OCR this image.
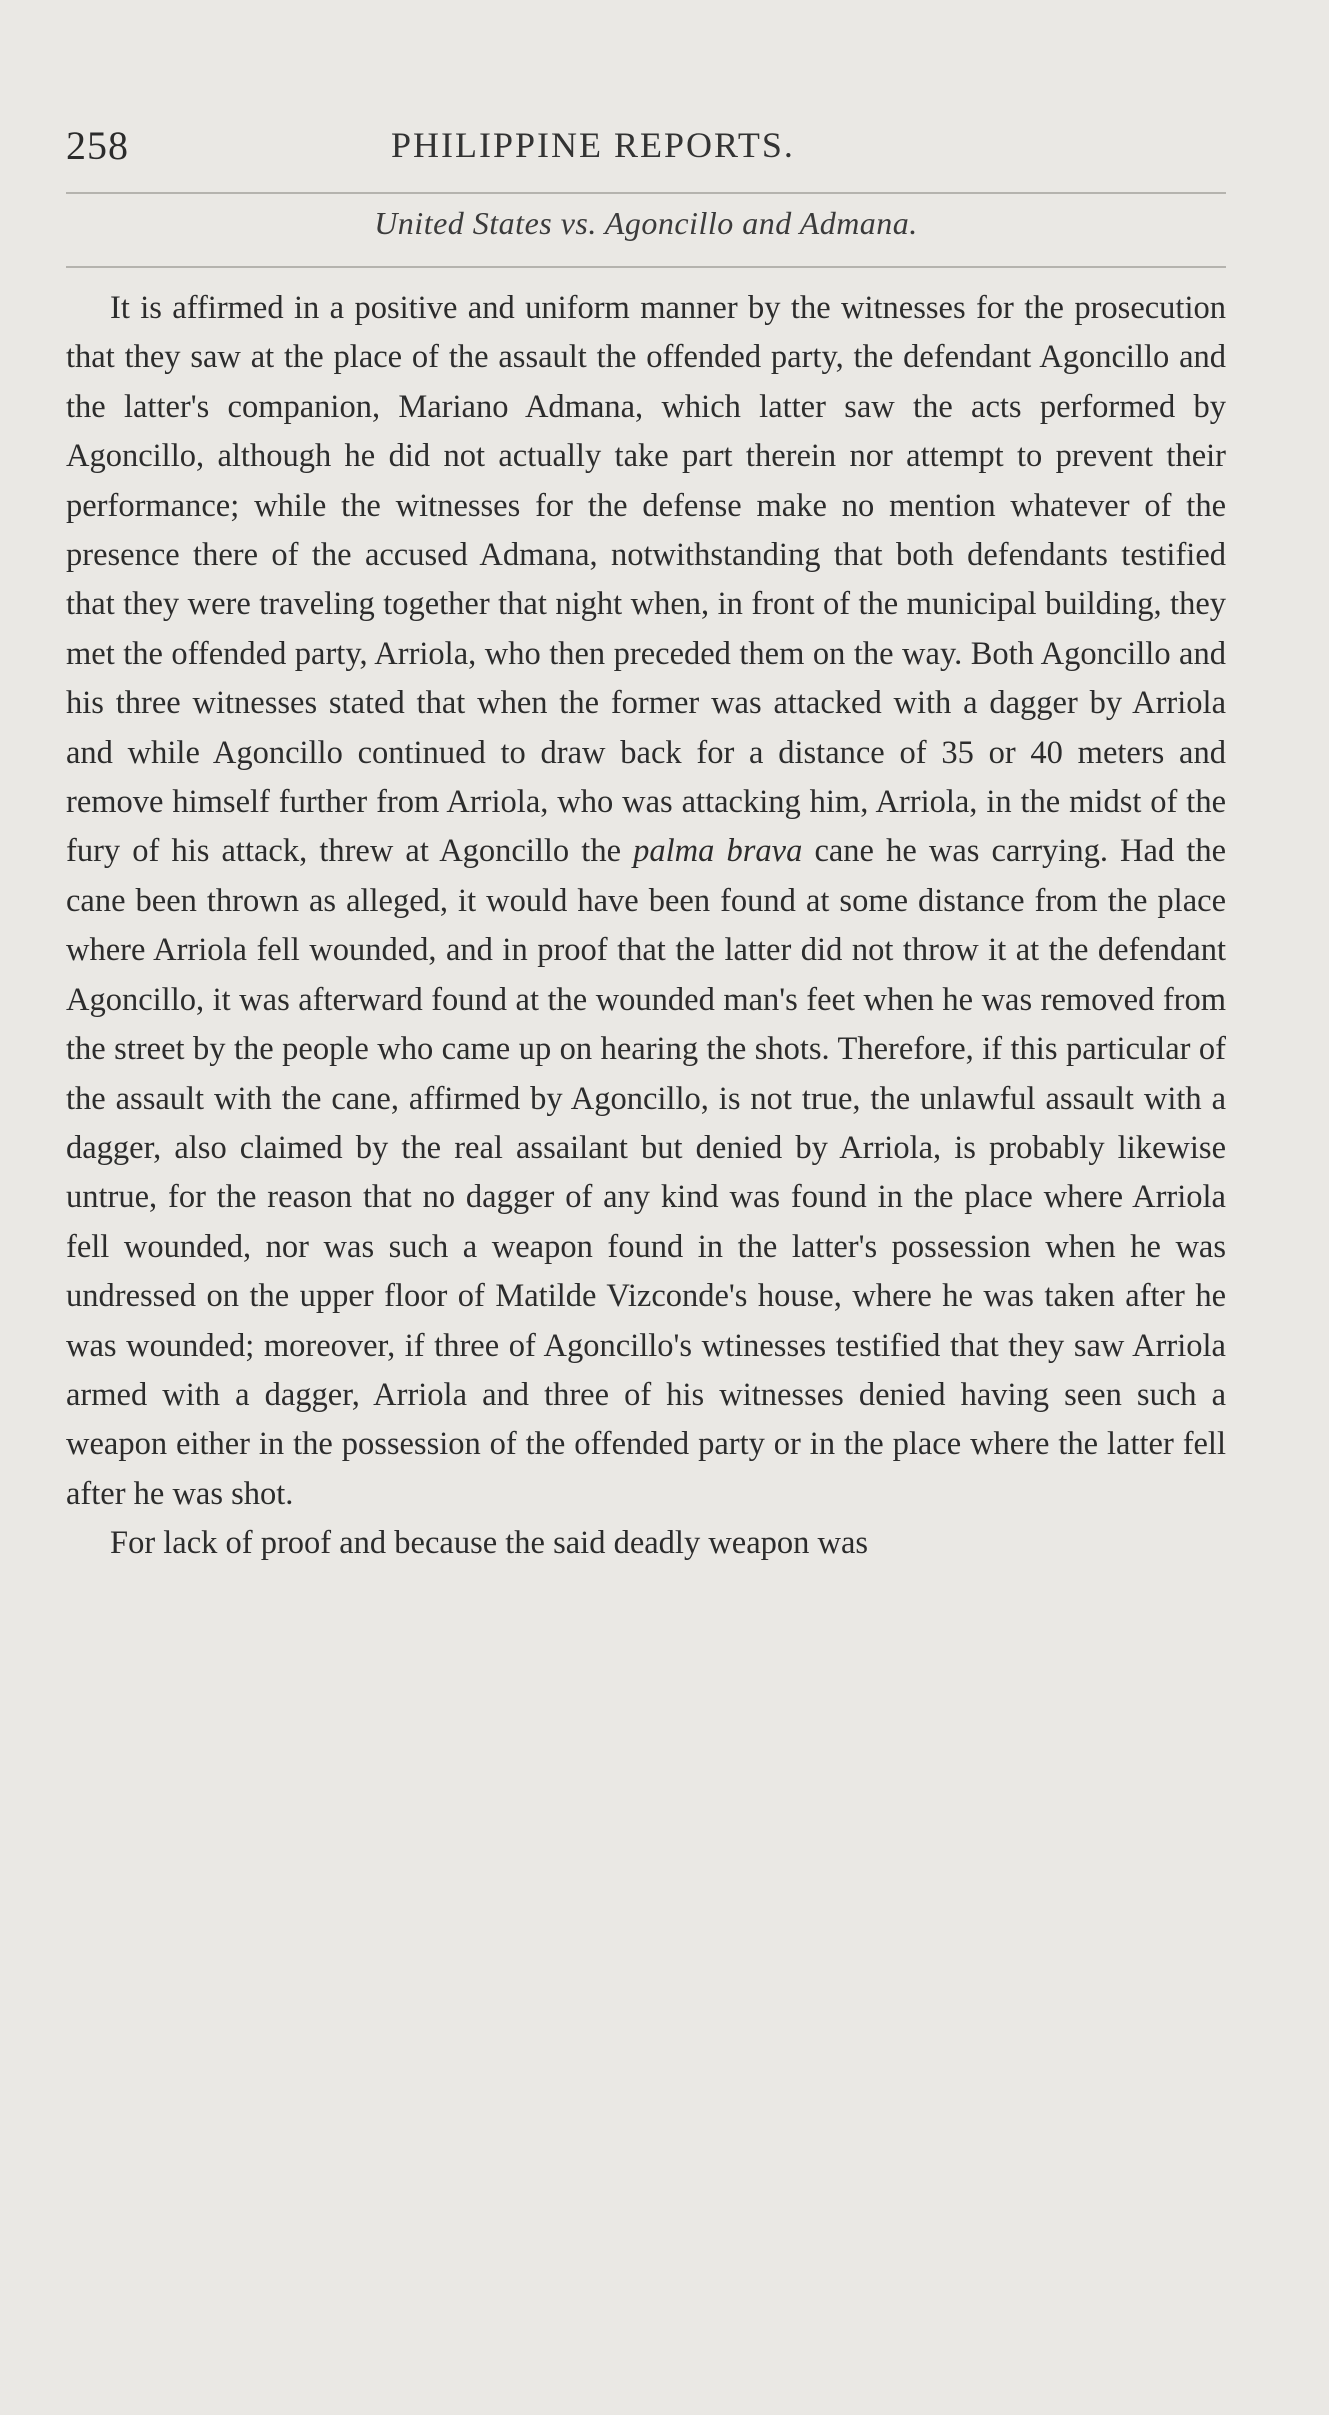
258	PHILIPPINE REPORTS.
United States vs. Agoncillo and Admana.

It is affirmed in a positive and uniform manner by the witnesses for the prosecution that they saw at the place of the assault the offended party, the defendant Agoncillo and the latter's companion, Mariano Admana, which latter saw the acts performed by Agoncillo, although he did not actually take part therein nor attempt to prevent their performance; while the witnesses for the defense make no mention whatever of the presence there of the accused Admana, notwithstanding that both defendants testified that they were traveling together that night when, in front of the municipal building, they met the offended party, Arriola, who then preceded them on the way. Both Agoncillo and his three witnesses stated that when the former was attacked with a dagger by Arriola and while Agoncillo continued to draw back for a distance of 35 or 40 meters and remove himself further from Arriola, who was attacking him, Arriola, in the midst of the fury of his attack, threw at Agoncillo the palma brava cane he was carrying. Had the cane been thrown as alleged, it would have been found at some distance from the place where Arriola fell wounded, and in proof that the latter did not throw it at the defendant Agoncillo, it was afterward found at the wounded man's feet when he was removed from the street by the people who came up on hearing the shots. Therefore, if this particular of the assault with the cane, affirmed by Agoncillo, is not true, the unlawful assault with a dagger, also claimed by the real assailant but denied by Arriola, is probably likewise untrue, for the reason that no dagger of any kind was found in the place where Arriola fell wounded, nor was such a weapon found in the latter's possession when he was undressed on the upper floor of Matilde Vizconde's house, where he was taken after he was wounded; moreover, if three of Agoncillo's wtinesses testified that they saw Arriola armed with a dagger, Arriola and three of his witnesses denied having seen such a weapon either in the possession of the offended party or in the place where the latter fell after he was shot.

For lack of proof and because the said deadly weapon was
